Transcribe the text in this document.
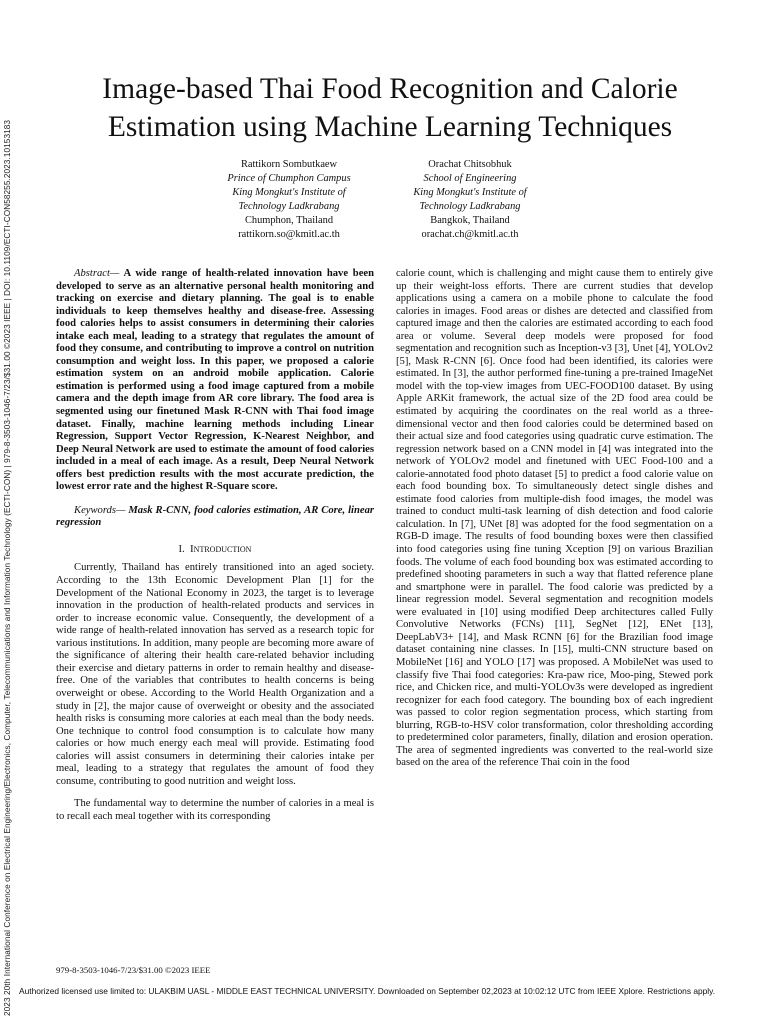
2023 20th International Conference on Electrical Engineering/Electronics, Computer, Telecommunications and Information Technology (ECTI-CON) | 979-8-3503-1046-7/23/$31.00 ©2023 IEEE | DOI: 10.1109/ECTI-CON58255.2023.10153183
Image-based Thai Food Recognition and Calorie
Estimation using Machine Learning Techniques
Rattikorn Sombutkaew
Prince of Chumphon Campus
King Mongkut's Institute of
Technology Ladkrabang
Chumphon, Thailand
rattikorn.so@kmitl.ac.th
Orachat Chitsobhuk
School of Engineering
King Mongkut's Institute of
Technology Ladkrabang
Bangkok, Thailand
orachat.ch@kmitl.ac.th

Abstract— A wide range of health-related innovation have been developed to serve as an alternative personal health monitoring and tracking on exercise and dietary planning. The goal is to enable individuals to keep themselves healthy and disease-free. Assessing food calories helps to assist consumers in determining their calories intake each meal, leading to a strategy that regulates the amount of food they consume, and contributing to improve a control on nutrition consumption and weight loss. In this paper, we proposed a calorie estimation system on an android mobile application. Calorie estimation is performed using a food image captured from a mobile camera and the depth image from AR core library. The food area is segmented using our finetuned Mask R-CNN with Thai food image dataset. Finally, machine learning methods including Linear Regression, Support Vector Regression, K-Nearest Neighbor, and Deep Neural Network are used to estimate the amount of food calories included in a meal of each image. As a result, Deep Neural Network offers best prediction results with the most accurate prediction, the lowest error rate and the highest R-Square score.

Keywords— Mask R-CNN, food calories estimation, AR Core, linear regression

I. Introduction

Currently, Thailand has entirely transitioned into an aged society. According to the 13th Economic Development Plan [1] for the Development of the National Economy in 2023, the target is to leverage innovation in the production of health-related products and services in order to increase economic value. Consequently, the development of a wide range of health-related innovation has served as a research topic for various institutions. In addition, many people are becoming more aware of the significance of altering their health care-related behavior including their exercise and dietary patterns in order to remain healthy and disease-free. One of the variables that contributes to health concerns is being overweight or obese. According to the World Health Organization and a study in [2], the major cause of overweight or obesity and the associated health risks is consuming more calories at each meal than the body needs. One technique to control food consumption is to calculate how many calories or how much energy each meal will provide. Estimating food calories will assist consumers in determining their calories intake per meal, leading to a strategy that regulates the amount of food they consume, contributing to good nutrition and weight loss.

The fundamental way to determine the number of calories in a meal is to recall each meal together with its corresponding

calorie count, which is challenging and might cause them to entirely give up their weight-loss efforts. There are current studies that develop applications using a camera on a mobile phone to calculate the food calories in images. Food areas or dishes are detected and classified from captured image and then the calories are estimated according to each food area or volume. Several deep models were proposed for food segmentation and recognition such as Inception-v3 [3], Unet [4], YOLOv2 [5], Mask R-CNN [6]. Once food had been identified, its calories were estimated. In [3], the author performed fine-tuning a pre-trained ImageNet model with the top-view images from UEC-FOOD100 dataset. By using Apple ARKit framework, the actual size of the 2D food area could be estimated by acquiring the coordinates on the real world as a three-dimensional vector and then food calories could be determined based on their actual size and food categories using quadratic curve estimation. The regression network based on a CNN model in [4] was integrated into the network of YOLOv2 model and finetuned with UEC Food-100 and a calorie-annotated food photo dataset [5] to predict a food calorie value on each food bounding box. To simultaneously detect single dishes and estimate food calories from multiple-dish food images, the model was trained to conduct multi-task learning of dish detection and food calorie calculation. In [7], UNet [8] was adopted for the food segmentation on a RGB-D image. The results of food bounding boxes were then classified into food categories using fine tuning Xception [9] on various Brazilian foods. The volume of each food bounding box was estimated according to predefined shooting parameters in such a way that flatted reference plane and smartphone were in parallel. The food calorie was predicted by a linear regression model. Several segmentation and recognition models were evaluated in [10] using modified Deep architectures called Fully Convolutive Networks (FCNs) [11], SegNet [12], ENet [13], DeepLabV3+ [14], and Mask RCNN [6] for the Brazilian food image dataset containing nine classes. In [15], multi-CNN structure based on MobileNet [16] and YOLO [17] was proposed. A MobileNet was used to classify five Thai food categories: Kra-paw rice, Moo-ping, Stewed pork rice, and Chicken rice, and multi-YOLOv3s were developed as ingredient recognizer for each food category. The bounding box of each ingredient was passed to color region segmentation process, which starting from blurring, RGB-to-HSV color transformation, color thresholding according to predetermined color parameters, finally, dilation and erosion operation. The area of segmented ingredients was converted to the real-world size based on the area of the reference Thai coin in the food

979-8-3503-1046-7/23/$31.00 ©2023 IEEE
Authorized licensed use limited to: ULAKBIM UASL - MIDDLE EAST TECHNICAL UNIVERSITY. Downloaded on September 02,2023 at 10:02:12 UTC from IEEE Xplore. Restrictions apply.
